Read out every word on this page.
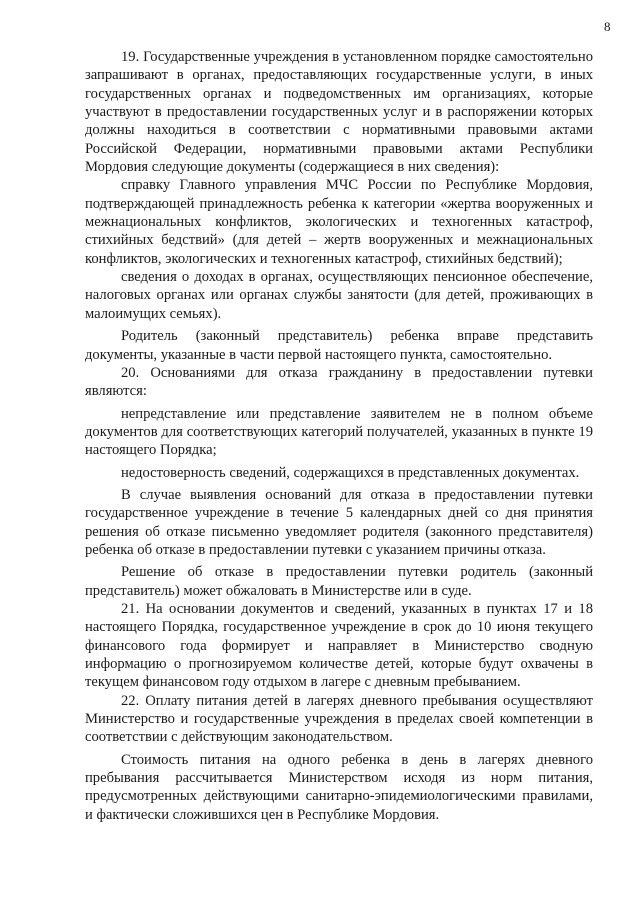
8

19. Государственные учреждения в установленном порядке самостоятельно запрашивают в органах, предоставляющих государственные услуги, в иных государственных органах и подведомственных им организациях, которые участвуют в предоставлении государственных услуг и в распоряжении которых должны находиться в соответствии с нормативными правовыми актами Российской Федерации, нормативными правовыми актами Республики Мордовия следующие документы (содержащиеся в них сведения):

справку Главного управления МЧС России по Республике Мордовия, подтверждающей принадлежность ребенка к категории «жертва вооруженных и межнациональных конфликтов, экологических и техногенных катастроф, стихийных бедствий» (для детей – жертв вооруженных и межнациональных конфликтов, экологических и техногенных катастроф, стихийных бедствий);

сведения о доходах в органах, осуществляющих пенсионное обеспечение, налоговых органах или органах службы занятости (для детей, проживающих в малоимущих семьях).

Родитель (законный представитель) ребенка вправе представить документы, указанные в части первой настоящего пункта, самостоятельно.

20. Основаниями для отказа гражданину в предоставлении путевки являются:

непредставление или представление заявителем не в полном объеме документов для соответствующих категорий получателей, указанных в пункте 19 настоящего Порядка;

недостоверность сведений, содержащихся в представленных документах.

В случае выявления оснований для отказа в предоставлении путевки государственное учреждение в течение 5 календарных дней со дня принятия решения об отказе письменно уведомляет родителя (законного представителя) ребенка об отказе в предоставлении путевки с указанием причины отказа.

Решение об отказе в предоставлении путевки родитель (законный представитель) может обжаловать в Министерстве или в суде.

21. На основании документов и сведений, указанных в пунктах 17 и 18 настоящего Порядка, государственное учреждение в срок до 10 июня текущего финансового года формирует и направляет в Министерство сводную информацию о прогнозируемом количестве детей, которые будут охвачены в текущем финансовом году отдыхом в лагере с дневным пребыванием.

22. Оплату питания детей в лагерях дневного пребывания осуществляют Министерство и государственные учреждения в пределах своей компетенции в соответствии с действующим законодательством.

Стоимость питания на одного ребенка в день в лагерях дневного пребывания рассчитывается Министерством исходя из норм питания, предусмотренных действующими санитарно-эпидемиологическими правилами, и фактически сложившихся цен в Республике Мордовия.
